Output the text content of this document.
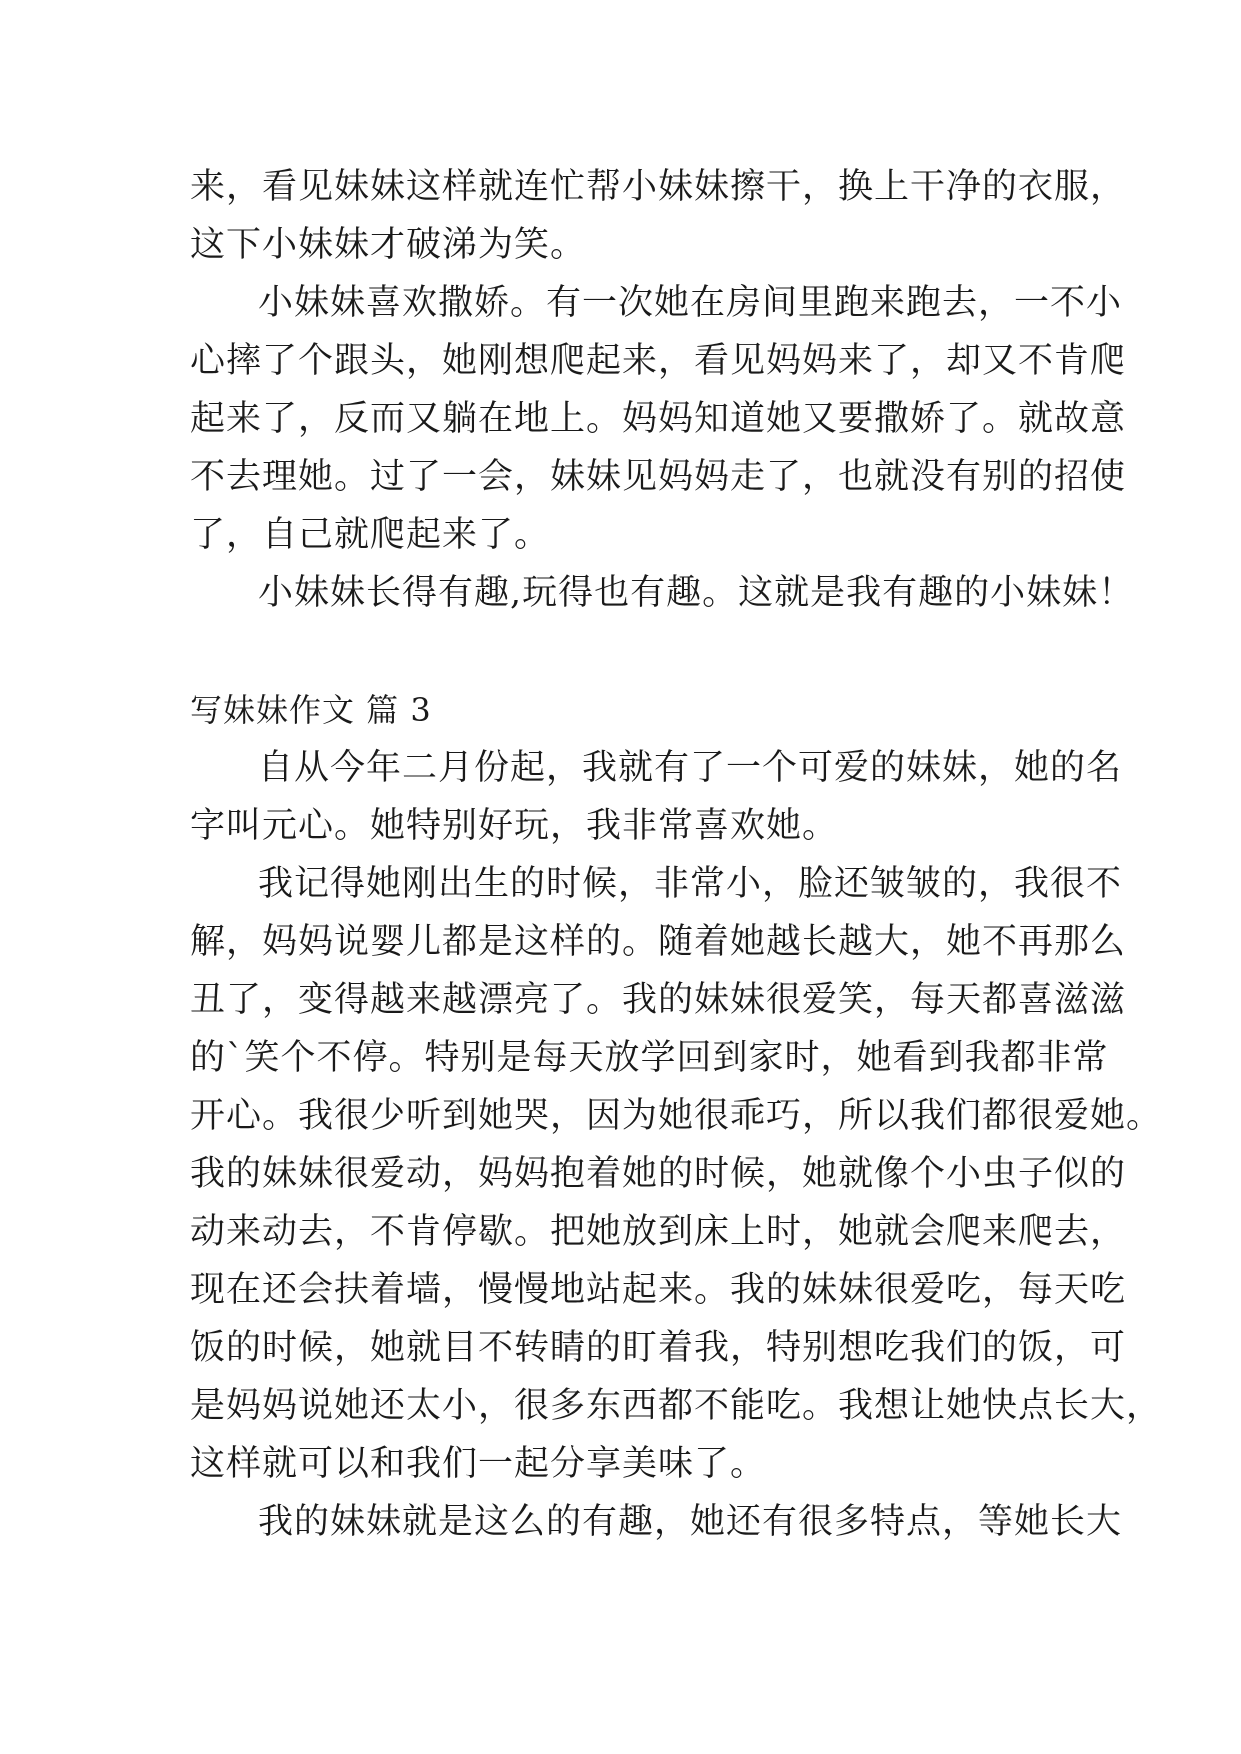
来，看见妹妹这样就连忙帮小妹妹擦干，换上干净的衣服，
这下小妹妹才破涕为笑。
小妹妹喜欢撒娇。有一次她在房间里跑来跑去，一不小
心摔了个跟头，她刚想爬起来，看见妈妈来了，却又不肯爬
起来了，反而又躺在地上。妈妈知道她又要撒娇了。就故意
不去理她。过了一会，妹妹见妈妈走了，也就没有别的招使
了，自己就爬起来了。
小妹妹长得有趣,玩得也有趣。这就是我有趣的小妹妹！
写妹妹作文 篇 3
自从今年二月份起，我就有了一个可爱的妹妹，她的名
字叫元心。她特别好玩，我非常喜欢她。
我记得她刚出生的时候，非常小，脸还皱皱的，我很不
解，妈妈说婴儿都是这样的。随着她越长越大，她不再那么
丑了，变得越来越漂亮了。我的妹妹很爱笑，每天都喜滋滋
的`笑个不停。特别是每天放学回到家时，她看到我都非常
开心。我很少听到她哭，因为她很乖巧，所以我们都很爱她。
我的妹妹很爱动，妈妈抱着她的时候，她就像个小虫子似的
动来动去，不肯停歇。把她放到床上时，她就会爬来爬去，
现在还会扶着墙，慢慢地站起来。我的妹妹很爱吃，每天吃
饭的时候，她就目不转睛的盯着我，特别想吃我们的饭，可
是妈妈说她还太小，很多东西都不能吃。我想让她快点长大，
这样就可以和我们一起分享美味了。
我的妹妹就是这么的有趣，她还有很多特点，等她长大
